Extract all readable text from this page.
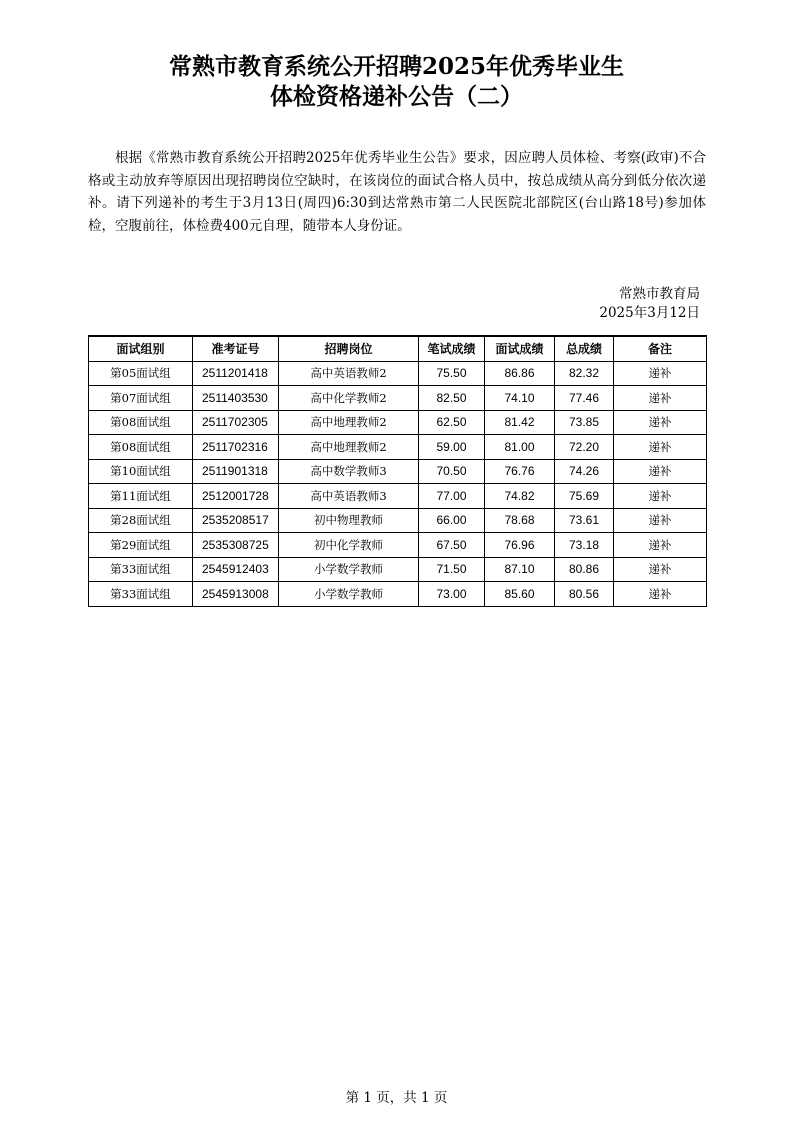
常熟市教育系统公开招聘2025年优秀毕业生
体检资格递补公告（二）
根据《常熟市教育系统公开招聘2025年优秀毕业生公告》要求，因应聘人员体检、考察(政审)不合格或主动放弃等原因出现招聘岗位空缺时，在该岗位的面试合格人员中，按总成绩从高分到低分依次递补。请下列递补的考生于3月13日(周四)6:30到达常熟市第二人民医院北部院区(台山路18号)参加体检，空腹前往，体检费400元自理，随带本人身份证。
常熟市教育局
2025年3月12日
面试组别	准考证号	招聘岗位	笔试成绩	面试成绩	总成绩	备注
第05面试组	2511201418	高中英语教师2	75.50	86.86	82.32	递补
第07面试组	2511403530	高中化学教师2	82.50	74.10	77.46	递补
第08面试组	2511702305	高中地理教师2	62.50	81.42	73.85	递补
第08面试组	2511702316	高中地理教师2	59.00	81.00	72.20	递补
第10面试组	2511901318	高中数学教师3	70.50	76.76	74.26	递补
第11面试组	2512001728	高中英语教师3	77.00	74.82	75.69	递补
第28面试组	2535208517	初中物理教师	66.00	78.68	73.61	递补
第29面试组	2535308725	初中化学教师	67.50	76.96	73.18	递补
第33面试组	2545912403	小学数学教师	71.50	87.10	80.86	递补
第33面试组	2545913008	小学数学教师	73.00	85.60	80.56	递补
第 1 页，共 1 页
